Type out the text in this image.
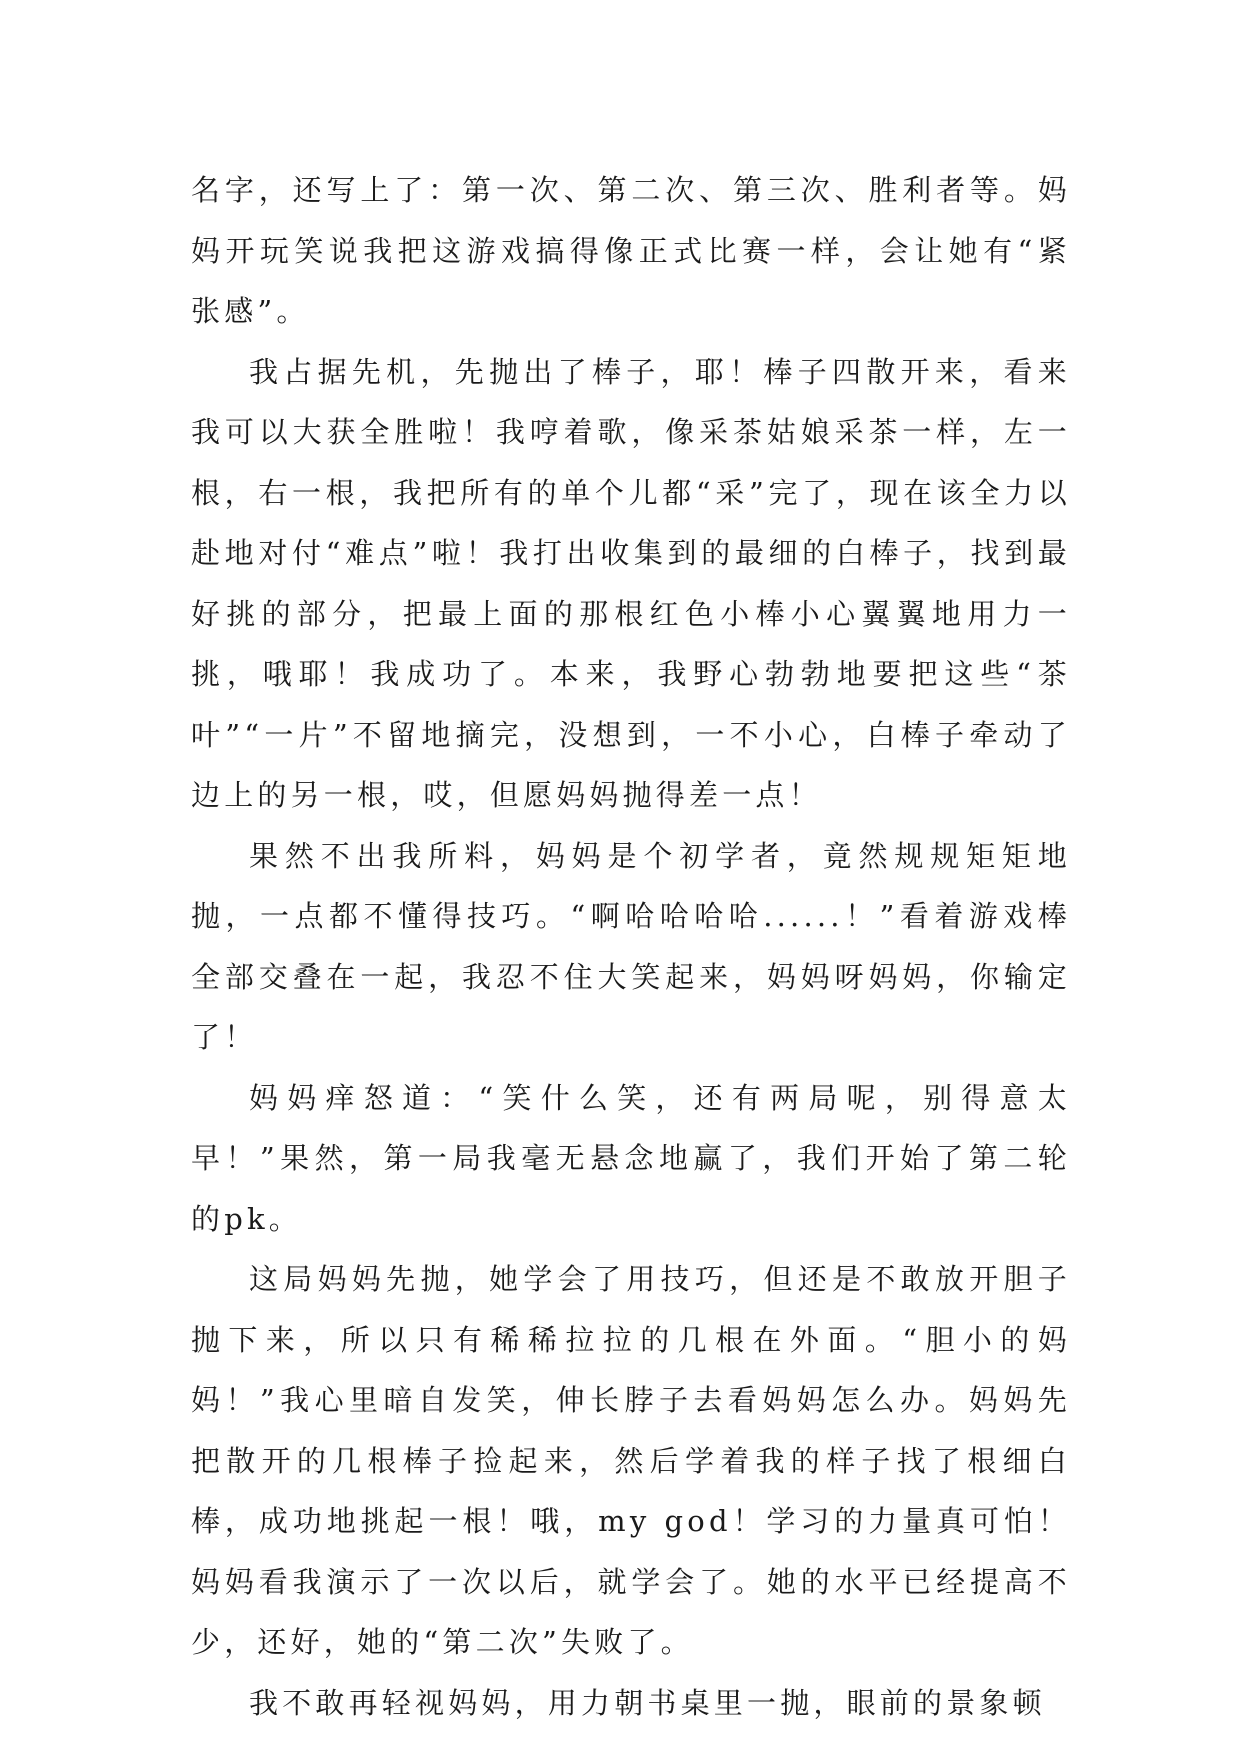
名字，还写上了：第一次、第二次、第三次、胜利者等。妈妈开玩笑说我把这游戏搞得像正式比赛一样，会让她有“紧张感”。

我占据先机，先抛出了棒子，耶！棒子四散开来，看来我可以大获全胜啦！我哼着歌，像采茶姑娘采茶一样，左一根，右一根，我把所有的单个儿都“采”完了，现在该全力以赴地对付“难点”啦！我打出收集到的最细的白棒子，找到最好挑的部分，把最上面的那根红色小棒小心翼翼地用力一挑，哦耶！我成功了。本来，我野心勃勃地要把这些“茶叶”“一片”不留地摘完，没想到，一不小心，白棒子牵动了边上的另一根，哎，但愿妈妈抛得差一点！

果然不出我所料，妈妈是个初学者，竟然规规矩矩地抛，一点都不懂得技巧。“啊哈哈哈哈......！”看着游戏棒全部交叠在一起，我忍不住大笑起来，妈妈呀妈妈，你输定了！

妈妈痒怒道：“笑什么笑，还有两局呢，别得意太早！”果然，第一局我毫无悬念地赢了，我们开始了第二轮的pk。

这局妈妈先抛，她学会了用技巧，但还是不敢放开胆子抛下来，所以只有稀稀拉拉的几根在外面。“胆小的妈妈！”我心里暗自发笑，伸长脖子去看妈妈怎么办。妈妈先把散开的几根棒子捡起来，然后学着我的样子找了根细白棒，成功地挑起一根！哦，my god！学习的力量真可怕！妈妈看我演示了一次以后，就学会了。她的水平已经提高不少，还好，她的“第二次”失败了。

我不敢再轻视妈妈，用力朝书桌里一抛，眼前的景象顿
